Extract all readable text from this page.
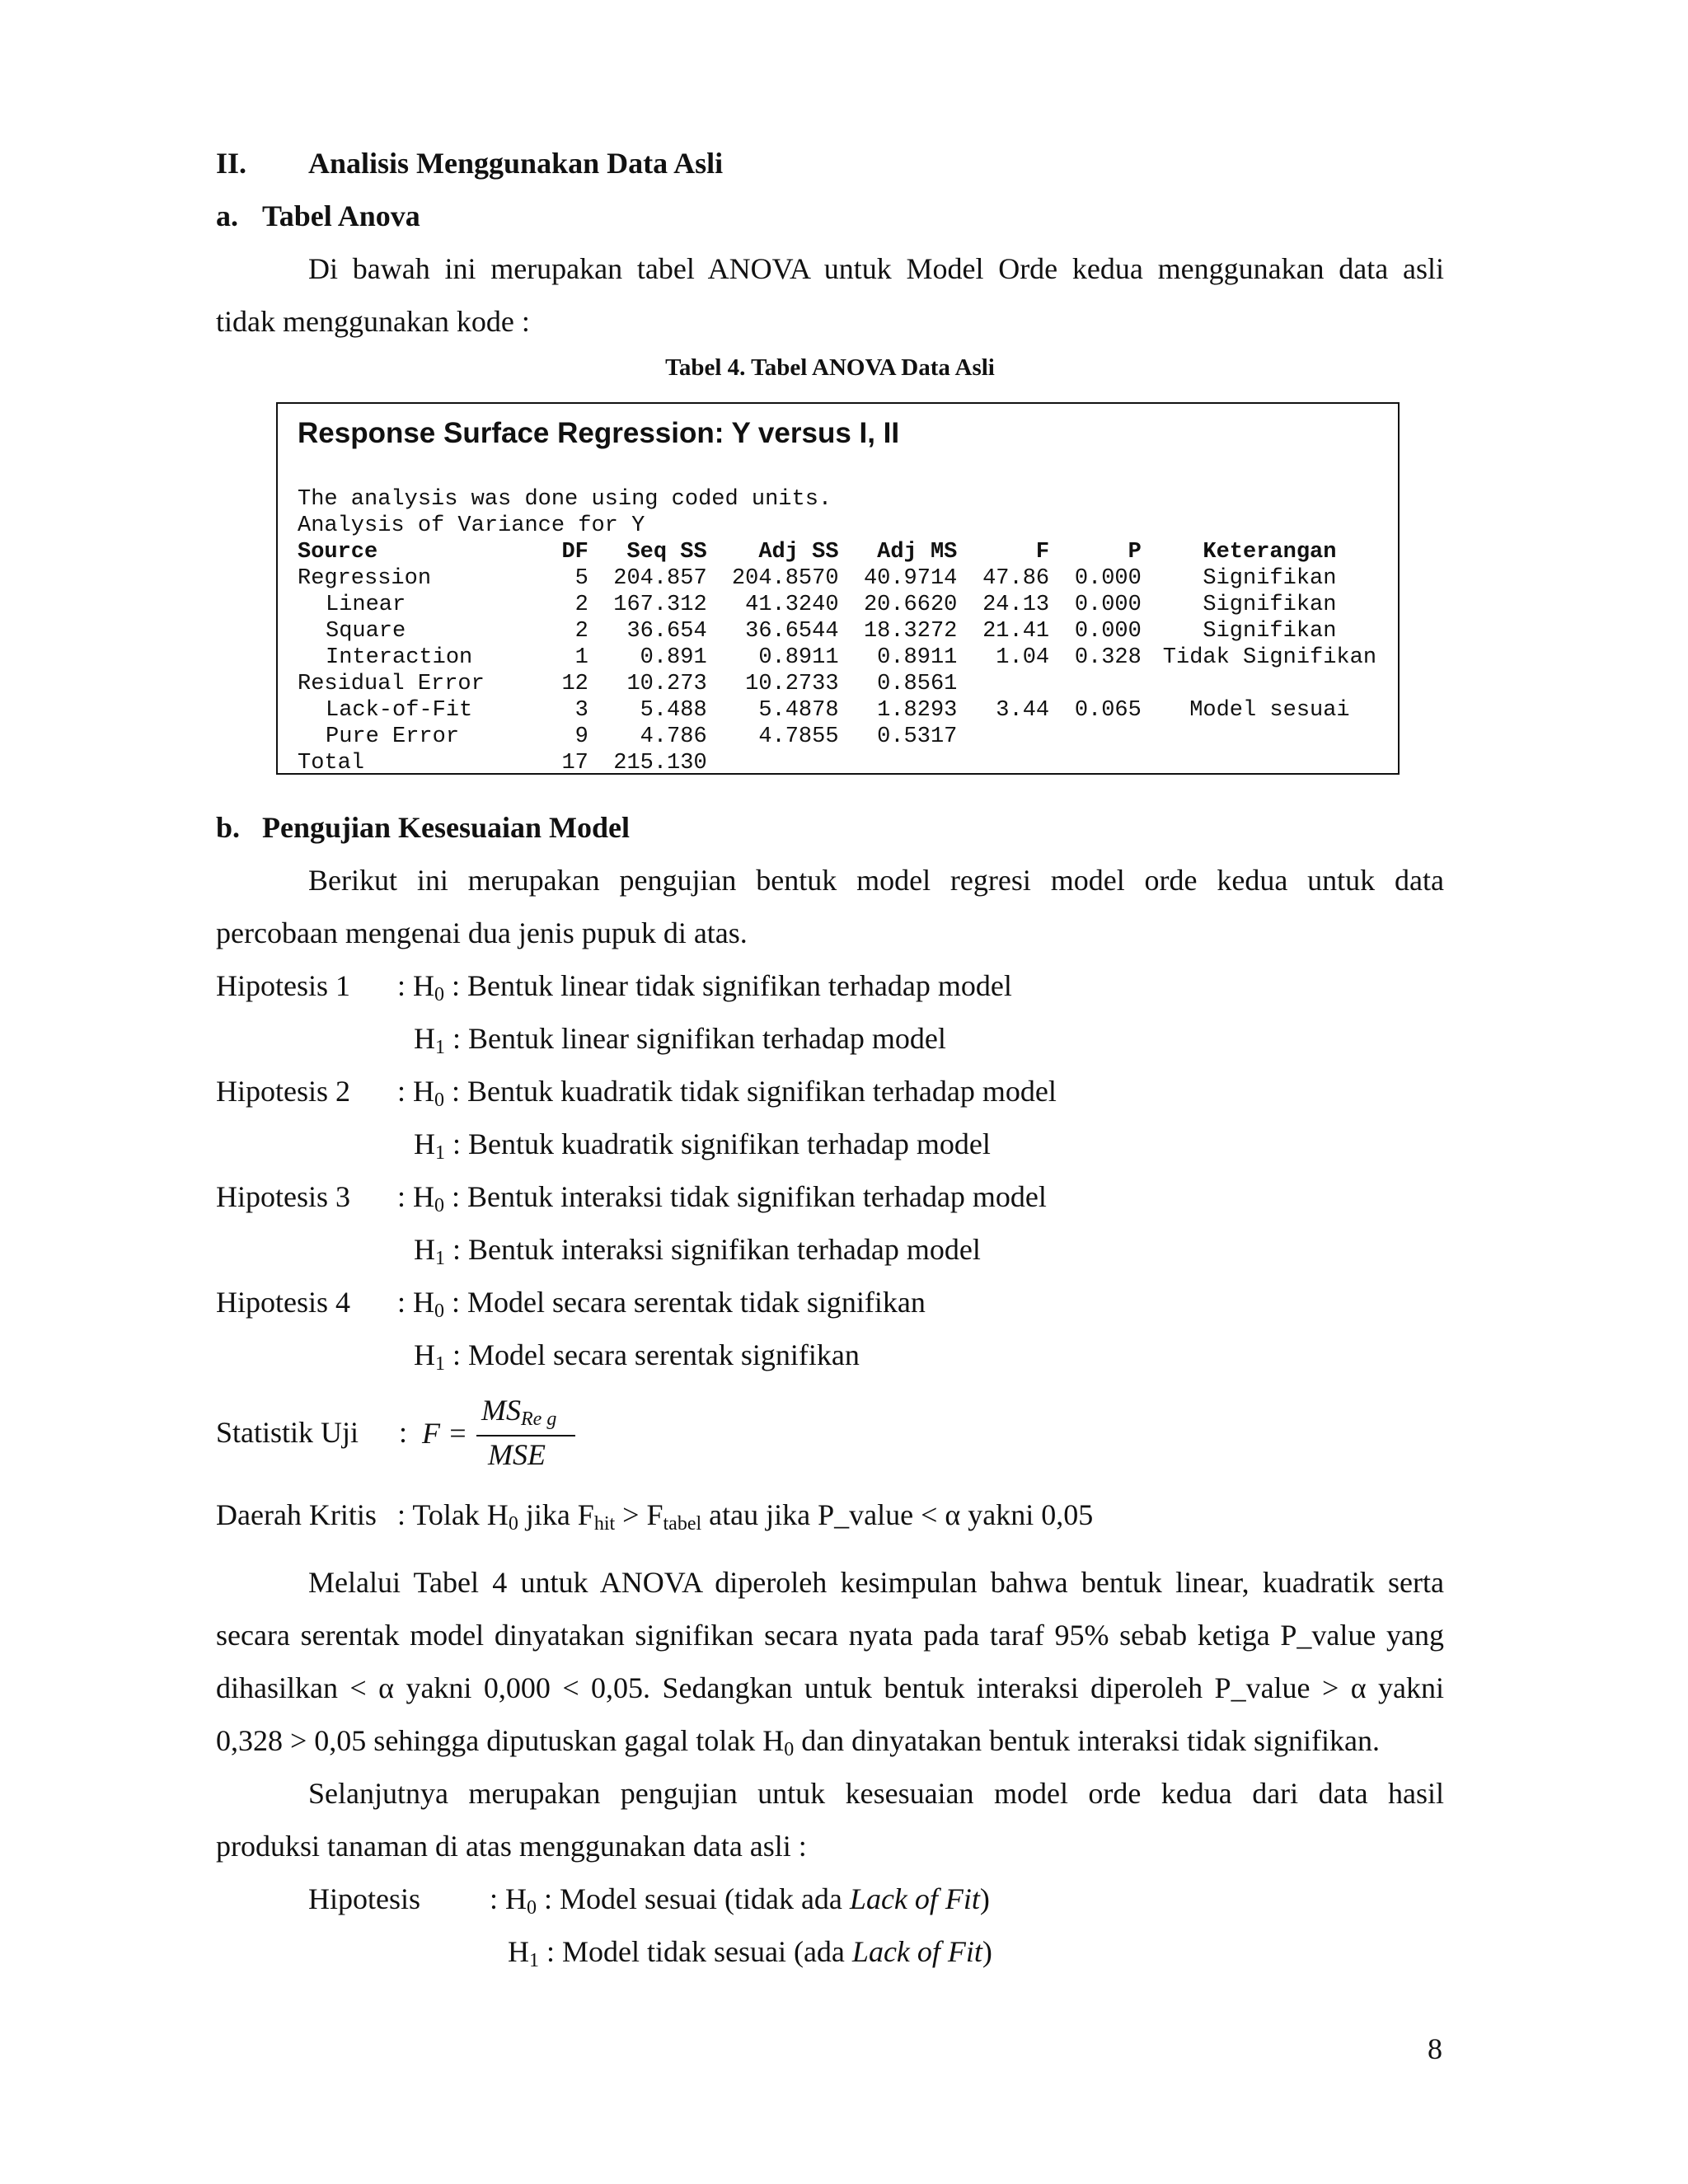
II. Analisis Menggunakan Data Asli
a. Tabel Anova
Di bawah ini merupakan tabel ANOVA untuk Model Orde kedua menggunakan data asli
tidak menggunakan kode :
Tabel 4. Tabel ANOVA Data Asli
Response Surface Regression: Y versus I, II
The analysis was done using coded units.
Analysis of Variance for Y
Source	DF	Seq SS	Adj SS	Adj MS	F	P	Keterangan
Regression	5	204.857	204.8570	40.9714	47.86	0.000	Signifikan
Linear	2	167.312	41.3240	20.6620	24.13	0.000	Signifikan
Square	2	36.654	36.6544	18.3272	21.41	0.000	Signifikan
Interaction	1	0.891	0.8911	0.8911	1.04	0.328	Tidak Signifikan
Residual Error	12	10.273	10.2733	0.8561			
Lack-of-Fit	3	5.488	5.4878	1.8293	3.44	0.065	Model sesuai
Pure Error	9	4.786	4.7855	0.5317			
Total	17	215.130					
b. Pengujian Kesesuaian Model
Berikut ini merupakan pengujian bentuk model regresi model orde kedua untuk data
percobaan mengenai dua jenis pupuk di atas.
Hipotesis 1 : $H_0$ : Bentuk linear tidak signifikan terhadap model
$H_1$ : Bentuk linear signifikan terhadap model
Hipotesis 2 : $H_0$ : Bentuk kuadratik tidak signifikan terhadap model
$H_1$ : Bentuk kuadratik signifikan terhadap model
Hipotesis 3 : $H_0$ : Bentuk interaksi tidak signifikan terhadap model
$H_1$ : Bentuk interaksi signifikan terhadap model
Hipotesis 4 : $H_0$ : Model secara serentak tidak signifikan
$H_1$ : Model secara serentak signifikan
Statistik Uji : F =
$MS_{Re g}$
MSE
Daerah Kritis : Tolak $H_0$ jika $F_{hit} > F_{tabel}$ atau jika P_value < α yakni 0,05
Melalui Tabel 4 untuk ANOVA diperoleh kesimpulan bahwa bentuk linear, kuadratik serta
secara serentak model dinyatakan signifikan secara nyata pada taraf 95% sebab ketiga P_value yang
dihasilkan < α yakni 0,000 < 0,05. Sedangkan untuk bentuk interaksi diperoleh P_value > α yakni
0,328 > 0,05 sehingga diputuskan gagal tolak $H_0$ dan dinyatakan bentuk interaksi tidak signifikan.
Selanjutnya merupakan pengujian untuk kesesuaian model orde kedua dari data hasil
produksi tanaman di atas menggunakan data asli :
Hipotesis : $H_0$ : Model sesuai (tidak ada Lack of Fit)
$H_1$ : Model tidak sesuai (ada Lack of Fit)
8
